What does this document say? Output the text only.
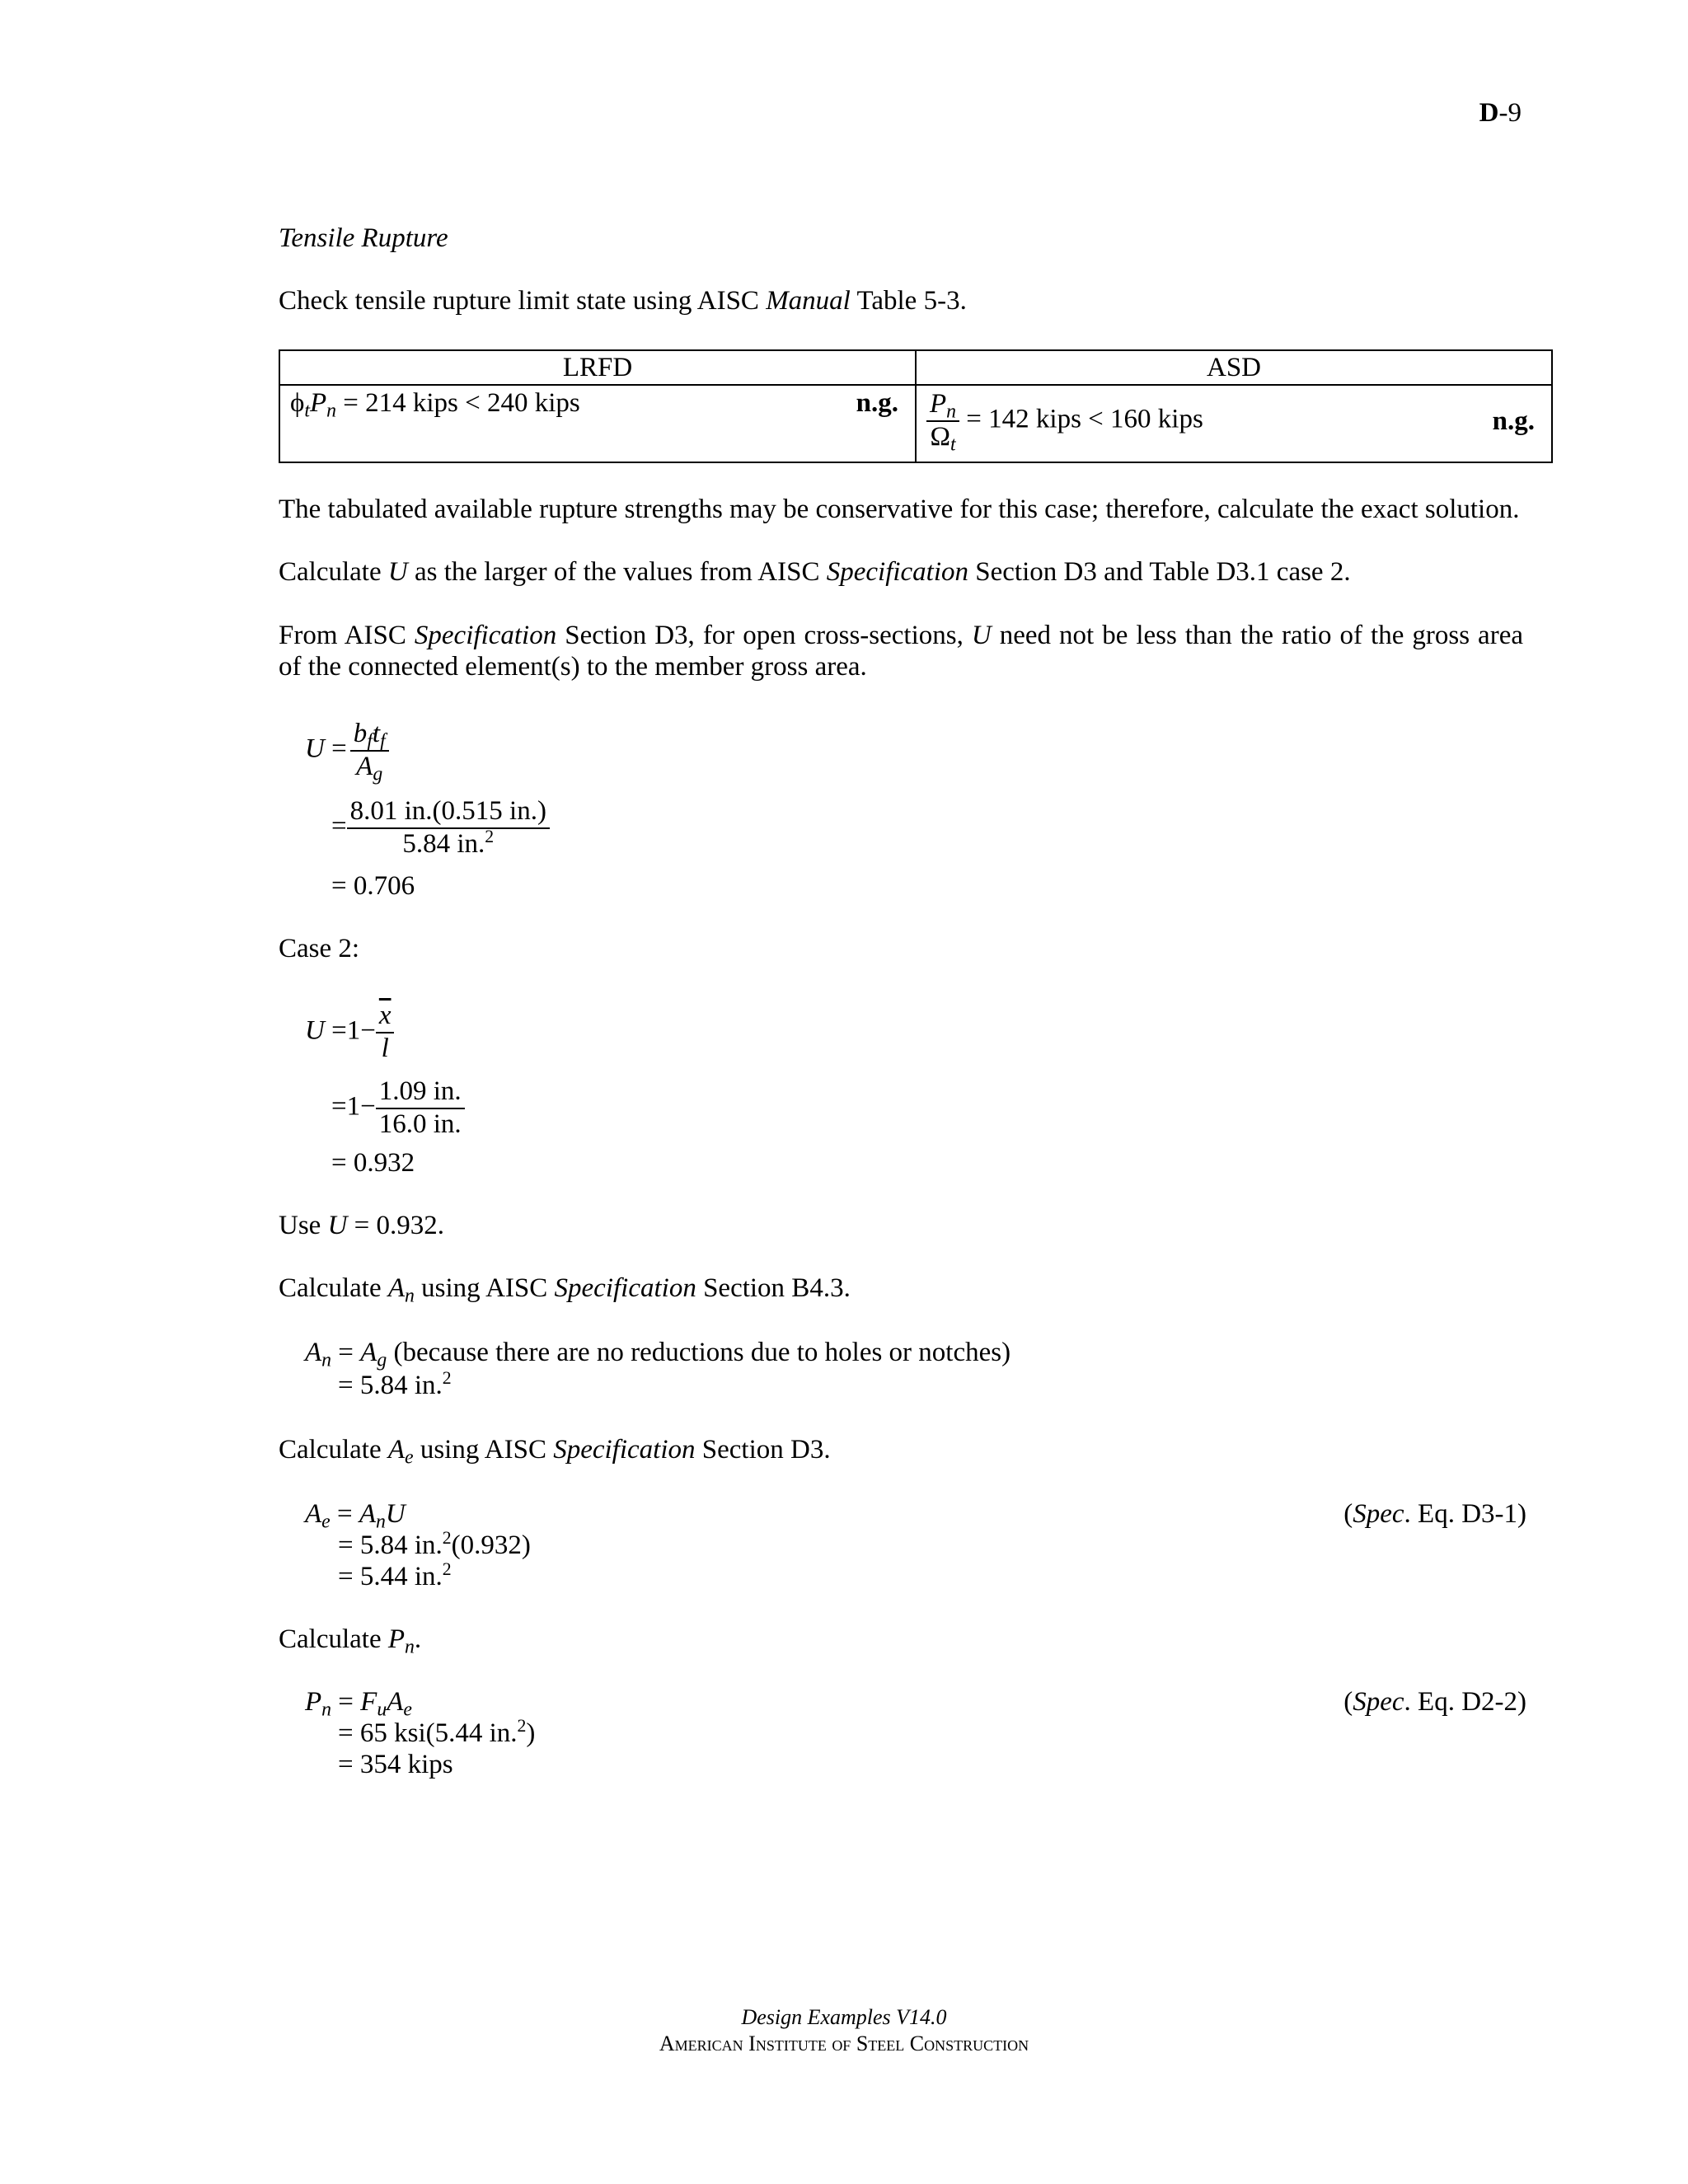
D-9
Tensile Rupture
Check tensile rupture limit state using AISC Manual Table 5-3.
LRFD	ASD

$\phi_tP_n = 214$ kips < 240 kips n.g.	$\frac{P_n}{\Omega_t} = 142$ kips < 160 kips n.g.
The tabulated available rupture strengths may be conservative for this case; therefore, calculate the exact solution.
Calculate U as the larger of the values from AISC Specification Section D3 and Table D3.1 case 2.
From AISC Specification Section D3, for open cross-sections, U need not be less than the ratio of the gross area
of the connected element(s) to the member gross area.
$U = \frac{b_ft_f}{A_g}$
= $\frac{8.01 in.(0.515 in.)}{5.84 in.^2}$
= 0.706
Case 2:
$U =1- \frac{\overline{x}}{l}$
$=1- \frac{1.09 in.}{16.0 in.}$
= 0.932
Use U = 0.932.
Calculate $A_n$ using AISC Specification Section B4.3.
$A_n = A_g$ (because there are no reductions due to holes or notches)
= 5.84 in.$^2$
Calculate $A_e$ using AISC Specification Section D3.
$A_e = A_nU$	(Spec. Eq. D3-1)
= 5.84 in.$^2$(0.932)
= 5.44 in.$^2$
Calculate $P_n$.
$P_n = F_uA_e$	(Spec. Eq. D2-2)
= 65 ksi(5.44 in.$^2$)
= 354 kips
Design Examples V14.0
American Institute of Steel Construction
